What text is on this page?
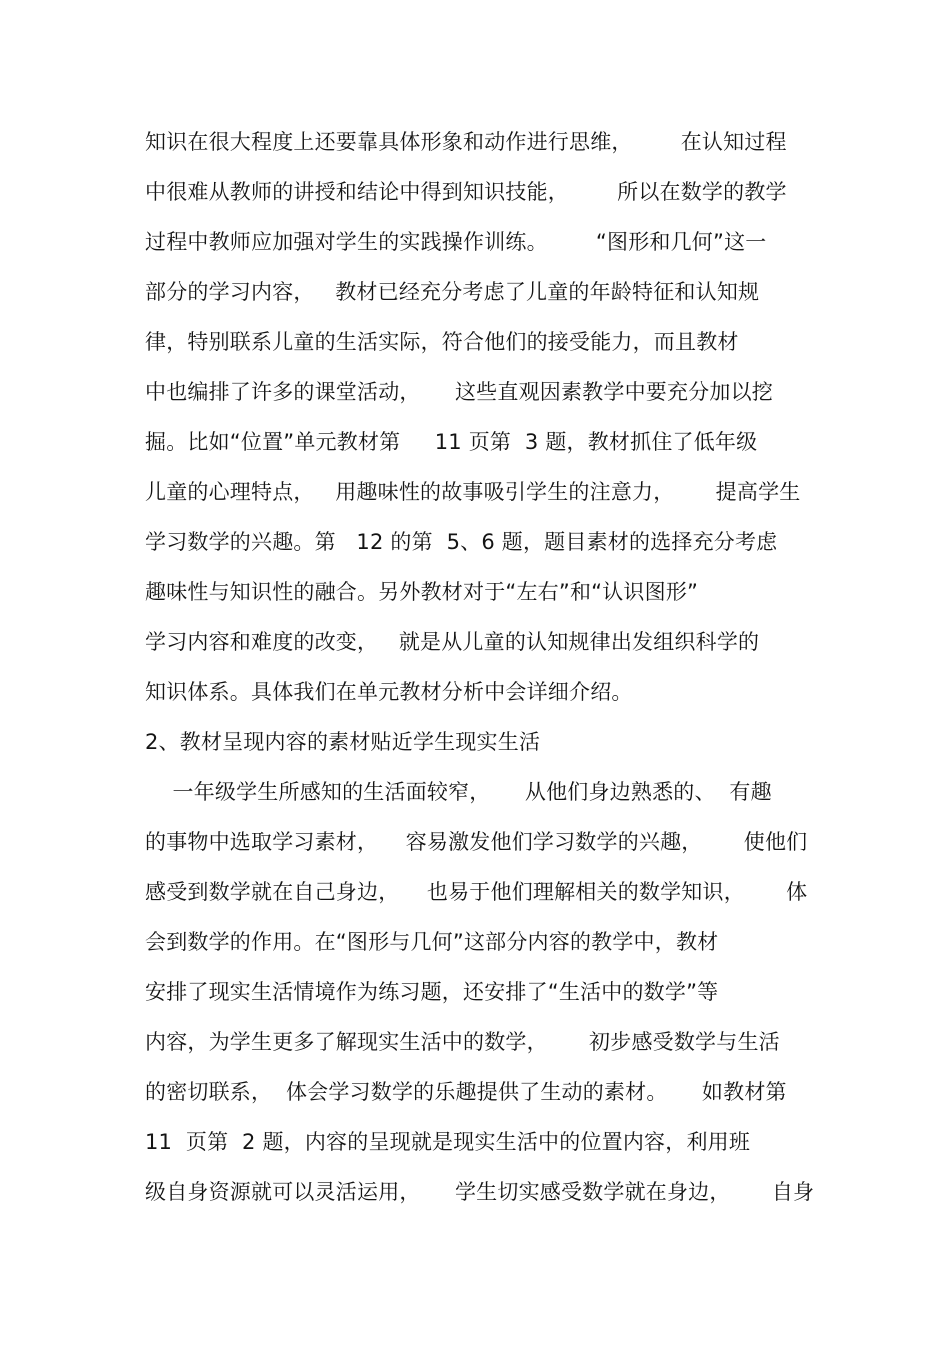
知识在很大程度上还要靠具体形象和动作进行思维，       在认知过程
中很难从教师的讲授和结论中得到知识技能，       所以在数学的教学
过程中教师应加强对学生的实践操作训练。       “图形和几何”这一
部分的学习内容，   教材已经充分考虑了儿童的年龄特征和认知规
律，特别联系儿童的生活实际，符合他们的接受能力，而且教材
中也编排了许多的课堂活动，     这些直观因素教学中要充分加以挖
掘。比如“位置”单元教材第     11 页第  3 题，教材抓住了低年级
儿童的心理特点，   用趣味性的故事吸引学生的注意力，      提高学生
学习数学的兴趣。第   12 的第  5、6 题，题目素材的选择充分考虑
趣味性与知识性的融合。另外教材对于“左右”和“认识图形”
学习内容和难度的改变，   就是从儿童的认知规律出发组织科学的
知识体系。具体我们在单元教材分析中会详细介绍。
2、教材呈现内容的素材贴近学生现实生活
一年级学生所感知的生活面较窄，     从他们身边熟悉的、  有趣
的事物中选取学习素材，    容易激发他们学习数学的兴趣，      使他们
感受到数学就在自己身边，    也易于他们理解相关的数学知识，      体
会到数学的作用。在“图形与几何”这部分内容的教学中，教材
安排了现实生活情境作为练习题，还安排了“生活中的数学”等
内容，为学生更多了解现实生活中的数学，      初步感受数学与生活
的密切联系，  体会学习数学的乐趣提供了生动的素材。     如教材第
11  页第  2 题，内容的呈现就是现实生活中的位置内容，利用班
级自身资源就可以灵活运用，     学生切实感受数学就在身边，      自身
